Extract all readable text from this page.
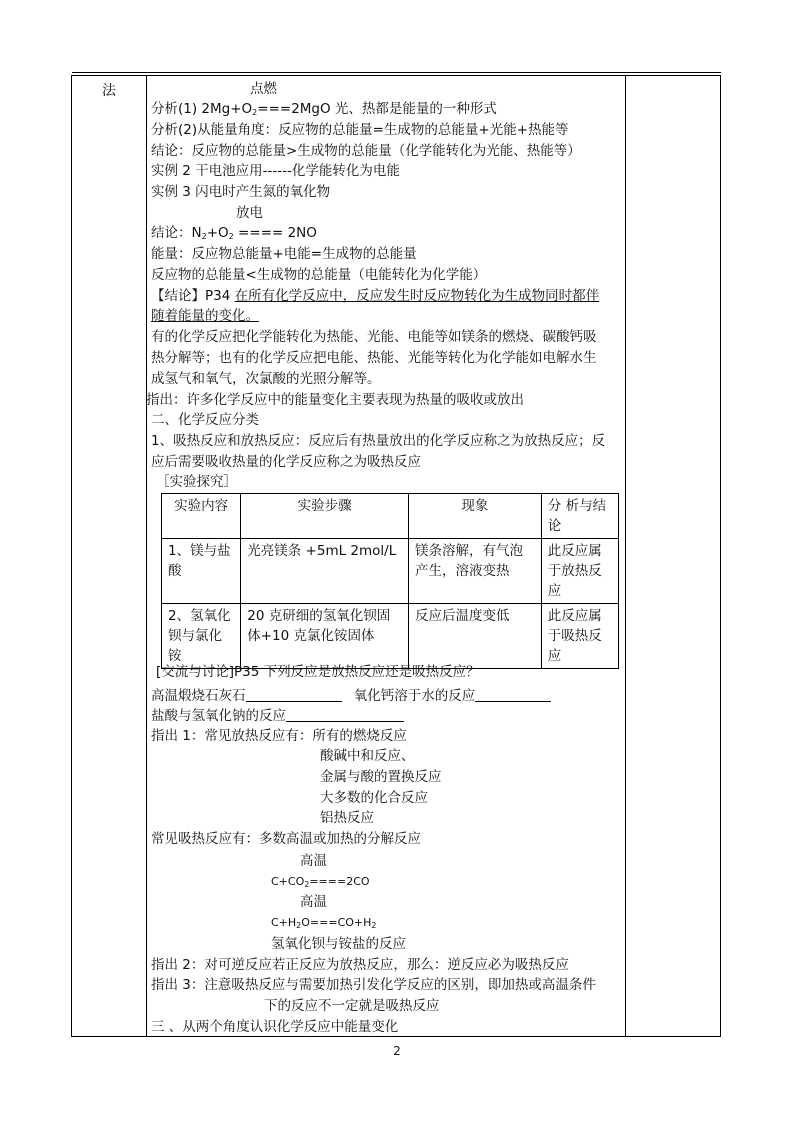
法	点燃
分析(1) $2Mg+O_2===2MgO$ 光、热都是能量的一种形式
分析(2)从能量角度：反应物的总能量=生成物的总能量+光能+热能等
结论：反应物的总能量>生成物的总能量（化学能转化为光能、热能等）
实例 2 干电池应用------化学能转化为电能
实例 3 闪电时产生氮的氧化物
放电
结论：$N_2+O_2$ ==== 2NO
能量：反应物总能量+电能=生成物的总能量
反应物的总能量<生成物的总能量（电能转化为化学能）
【结论】P34 在所有化学反应中，反应发生时反应物转化为生成物同时都伴
随着能量的变化。
有的化学反应把化学能转化为热能、光能、电能等如镁条的燃烧、碳酸钙吸
热分解等；也有的化学反应把电能、热能、光能等转化为化学能如电解水生
成氢气和氧气，次氯酸的光照分解等。
指出：许多化学反应中的能量变化主要表现为热量的吸收或放出
二、化学反应分类
1、吸热反应和放热反应：反应后有热量放出的化学反应称之为放热反应；反
应后需要吸收热量的化学反应称之为吸热反应
［实验探究］
实验内容	实验步骤	现象	分 析与结论
1、镁与盐酸	光亮镁条 +5mL 2mol/L	镁条溶解，有气泡产生，溶液变热	此反应属于放热反应
2、氢氧化钡与氯化铵	20 克研细的氢氧化钡固体+10 克氯化铵固体	反应后温度变低	此反应属于吸热反应
[交流与讨论]P35 下列反应是放热反应还是吸热反应？
高温煅烧石灰石	氧化钙溶于水的反应
盐酸与氢氧化钠的反应
指出 1：常见放热反应有：所有的燃烧反应
酸碱中和反应、
金属与酸的置换反应
大多数的化合反应
铝热反应
常见吸热反应有：多数高温或加热的分解反应
高温
$C+CO_2====2CO$
高温
$C+H_2O===CO+H_2$
氢氧化钡与铵盐的反应
指出 2：对可逆反应若正反应为放热反应，那么：逆反应必为吸热反应
指出 3：注意吸热反应与需要加热引发化学反应的区别，即加热或高温条件
下的反应不一定就是吸热反应
三 、从两个角度认识化学反应中能量变化
2
